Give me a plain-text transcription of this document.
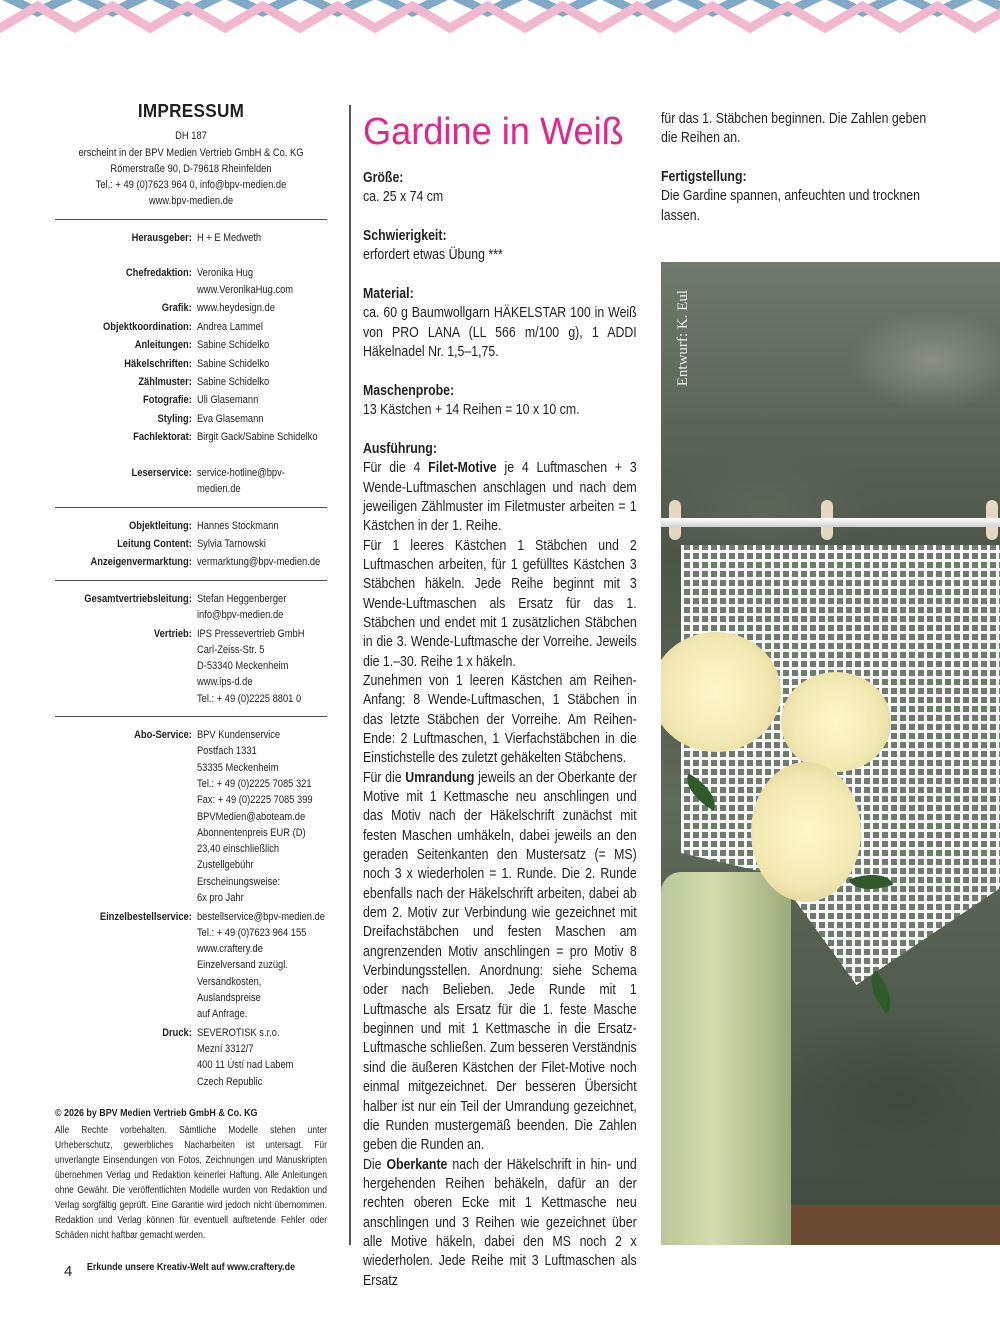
IMPRESSUM
DH 187
erscheint in der BPV Medien Vertrieb GmbH & Co. KG
Römerstraße 90, D-79618 Rheinfelden
Tel.: + 49 (0)7623 964 0, info@bpv-medien.de
www.bpv-medien.de
Herausgeber: H + E Medweth
Chefredaktion: Veronika Hug
www.VeronikaHug.com
Grafik: www.heydesign.de
Objektkoordination: Andrea Lammel
Anleitungen: Sabine Schidelko
Häkelschriften: Sabine Schidelko
Zählmuster: Sabine Schidelko
Fotografie: Uli Glasemann
Styling: Eva Glasemann
Fachlektorat: Birgit Gack/Sabine Schidelko
Leserservice: service-hotline@bpv-medien.de
Objektleitung: Hannes Stockmann
Leitung Content: Sylvia Tarnowski
Anzeigenvermarktung: vermarktung@bpv-medien.de
Gesamtvertriebsleitung: Stefan Heggenberger
info@bpv-medien.de
Vertrieb: IPS Pressevertrieb GmbH
Carl-Zeiss-Str. 5
D-53340 Meckenheim
www.ips-d.de
Tel.: + 49 (0)2225 8801 0
Abo-Service: BPV Kundenservice
Postfach 1331
53335 Meckenheim
Tel.: + 49 (0)2225 7085 321
Fax: + 49 (0)2225 7085 399
BPVMedien@aboteam.de
Abonnentenpreis EUR (D)
23,40 einschließlich
Zustellgebühr
Erscheinungsweise:
6x pro Jahr
Einzelbestellservice: bestellservice@bpv-medien.de
Tel.: + 49 (0)7623 964 155
www.craftery.de
Einzelversand zuzügl.
Versandkosten, Auslandspreise
auf Anfrage.
Druck: SEVEROTISK s.r.o.
Mezní 3312/7
400 11 Ústí nad Labem
Czech Republic
© 2026 by BPV Medien Vertrieb GmbH & Co. KG
Alle Rechte vorbehalten. Sämtliche Modelle stehen unter Urheberschutz, gewerbliches Nacharbeiten ist untersagt. Für unverlangte Einsendungen von Fotos, Zeichnungen und Manuskripten übernehmen Verlag und Redaktion keinerlei Haftung. Alle Anleitungen ohne Gewähr. Die veröffentlichten Modelle wurden von Redaktion und Verlag sorgfältig geprüft. Eine Garantie wird jedoch nicht übernommen. Redaktion und Verlag können für eventuell auftretende Fehler oder Schäden nicht haftbar gemacht werden.
Erkunde unsere Kreativ-Welt auf www.craftery.de
4
Gardine in Weiß
Größe:

ca. 25 x 74 cm

Schwierigkeit:

erfordert etwas Übung ***

Material:

ca. 60 g Baumwollgarn HÄKELSTAR 100 in Weiß von PRO LANA (LL 566 m/100 g), 1 ADDI Häkelnadel Nr. 1,5–1,75.

Maschenprobe:

13 Kästchen + 14 Reihen = 10 x 10 cm.

Ausführung:

Für die 4 Filet-Motive je 4 Luftmaschen + 3 Wende-Luftmaschen anschlagen und nach dem jeweiligen Zählmuster im Filetmuster arbeiten = 1 Kästchen in der 1. Reihe.

Für 1 leeres Kästchen 1 Stäbchen und 2 Luftmaschen arbeiten, für 1 gefülltes Kästchen 3 Stäbchen häkeln. Jede Reihe beginnt mit 3 Wende-Luftmaschen als Ersatz für das 1. Stäbchen und endet mit 1 zusätzlichen Stäbchen in die 3. Wende-Luftmasche der Vorreihe. Jeweils die 1.–30. Reihe 1 x häkeln.

Zunehmen von 1 leeren Kästchen am Reihen-Anfang: 8 Wende-Luftmaschen, 1 Stäbchen in das letzte Stäbchen der Vorreihe. Am Reihen-Ende: 2 Luftmaschen, 1 Vierfachstäbchen in die Einstichstelle des zuletzt gehäkelten Stäbchens.

Für die Umrandung jeweils an der Oberkante der Motive mit 1 Kettmasche neu anschlingen und das Motiv nach der Häkelschrift zunächst mit festen Maschen umhäkeln, dabei jeweils an den geraden Seitenkanten den Mustersatz (= MS) noch 3 x wiederholen = 1. Runde. Die 2. Runde ebenfalls nach der Häkelschrift arbeiten, dabei ab dem 2. Motiv zur Verbindung wie gezeichnet mit Dreifachstäbchen und festen Maschen am angrenzenden Motiv anschlingen = pro Motiv 8 Verbindungsstellen. Anordnung: siehe Schema oder nach Belieben. Jede Runde mit 1 Luftmasche als Ersatz für die 1. feste Masche beginnen und mit 1 Kettmasche in die Ersatz-Luftmasche schließen. Zum besseren Verständnis sind die äußeren Kästchen der Filet-Motive noch einmal mitgezeichnet. Der besseren Übersicht halber ist nur ein Teil der Umrandung gezeichnet, die Runden mustergemäß beenden. Die Zahlen geben die Runden an.

Die Oberkante nach der Häkelschrift in hin- und hergehenden Reihen behäkeln, dafür an der rechten oberen Ecke mit 1 Kettmasche neu anschlingen und 3 Reihen wie gezeichnet über alle Motive häkeln, dabei den MS noch 2 x wiederholen. Jede Reihe mit 3 Luftmaschen als Ersatz

für das 1. Stäbchen beginnen. Die Zahlen geben die Reihen an.

Fertigstellung:

Die Gardine spannen, anfeuchten und trocknen lassen.

Entwurf: K. Eul
